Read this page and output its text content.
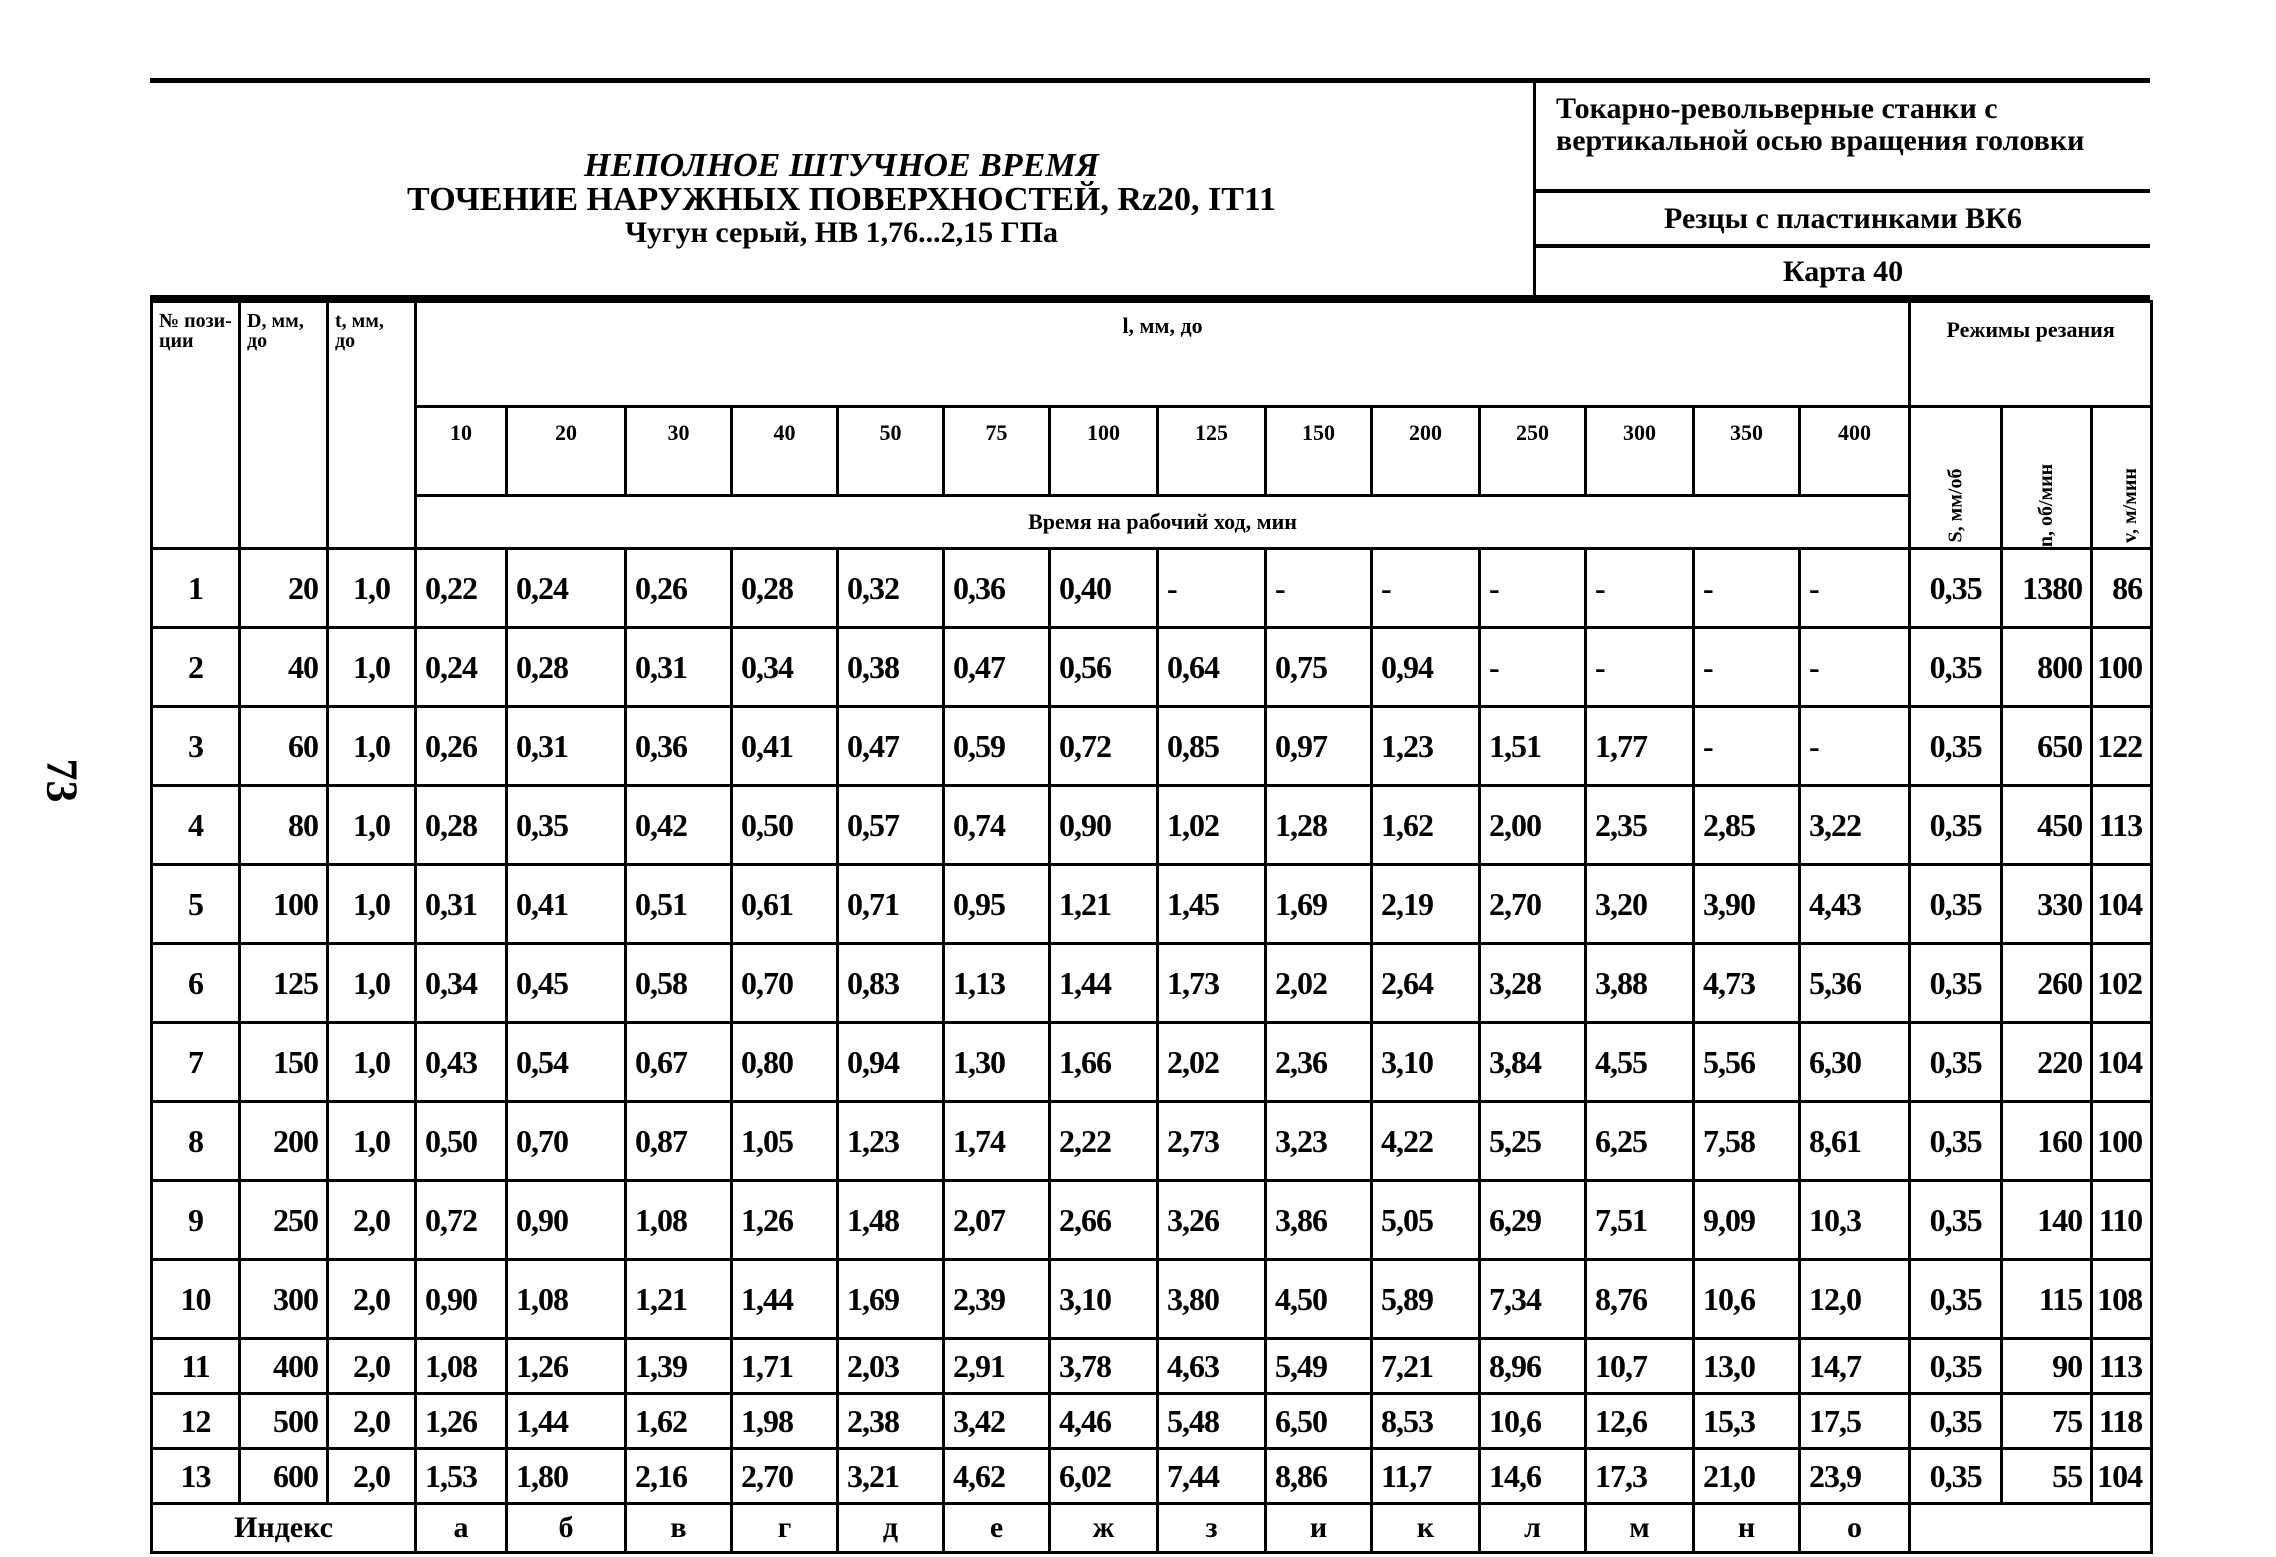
73
НЕПОЛНОЕ ШТУЧНОЕ ВРЕМЯ
ТОЧЕНИЕ НАРУЖНЫХ ПОВЕРХНОСТЕЙ, Rz20, IT11
Чугун серый, НВ 1,76...2,15 ГПа
Токарно-револьверные станки с
вертикальной осью вращения головки
Резцы с пластинками ВК6
Карта 40
№ пози-ции	D, мм, до	t, мм, до	l, мм, до														Режимы резания		
			10	20	30	40	50	75	100	125	150	200	250	300	350	400	S, мм/об	n, об/мин	v, м/мин
			Время на рабочий ход, мин																
1	20	1,0	0,22	0,24	0,26	0,28	0,32	0,36	0,40	-	-	-	-	-	-	-	0,35	1380	86
2	40	1,0	0,24	0,28	0,31	0,34	0,38	0,47	0,56	0,64	0,75	0,94	-	-	-	-	0,35	800	100
3	60	1,0	0,26	0,31	0,36	0,41	0,47	0,59	0,72	0,85	0,97	1,23	1,51	1,77	-	-	0,35	650	122
4	80	1,0	0,28	0,35	0,42	0,50	0,57	0,74	0,90	1,02	1,28	1,62	2,00	2,35	2,85	3,22	0,35	450	113
5	100	1,0	0,31	0,41	0,51	0,61	0,71	0,95	1,21	1,45	1,69	2,19	2,70	3,20	3,90	4,43	0,35	330	104
6	125	1,0	0,34	0,45	0,58	0,70	0,83	1,13	1,44	1,73	2,02	2,64	3,28	3,88	4,73	5,36	0,35	260	102
7	150	1,0	0,43	0,54	0,67	0,80	0,94	1,30	1,66	2,02	2,36	3,10	3,84	4,55	5,56	6,30	0,35	220	104
8	200	1,0	0,50	0,70	0,87	1,05	1,23	1,74	2,22	2,73	3,23	4,22	5,25	6,25	7,58	8,61	0,35	160	100
9	250	2,0	0,72	0,90	1,08	1,26	1,48	2,07	2,66	3,26	3,86	5,05	6,29	7,51	9,09	10,3	0,35	140	110
10	300	2,0	0,90	1,08	1,21	1,44	1,69	2,39	3,10	3,80	4,50	5,89	7,34	8,76	10,6	12,0	0,35	115	108
11	400	2,0	1,08	1,26	1,39	1,71	2,03	2,91	3,78	4,63	5,49	7,21	8,96	10,7	13,0	14,7	0,35	90	113
12	500	2,0	1,26	1,44	1,62	1,98	2,38	3,42	4,46	5,48	6,50	8,53	10,6	12,6	15,3	17,5	0,35	75	118
13	600	2,0	1,53	1,80	2,16	2,70	3,21	4,62	6,02	7,44	8,86	11,7	14,6	17,3	21,0	23,9	0,35	55	104
Индекс			а	б	в	г	д	е	ж	з	и	к	л	м	н	о			
